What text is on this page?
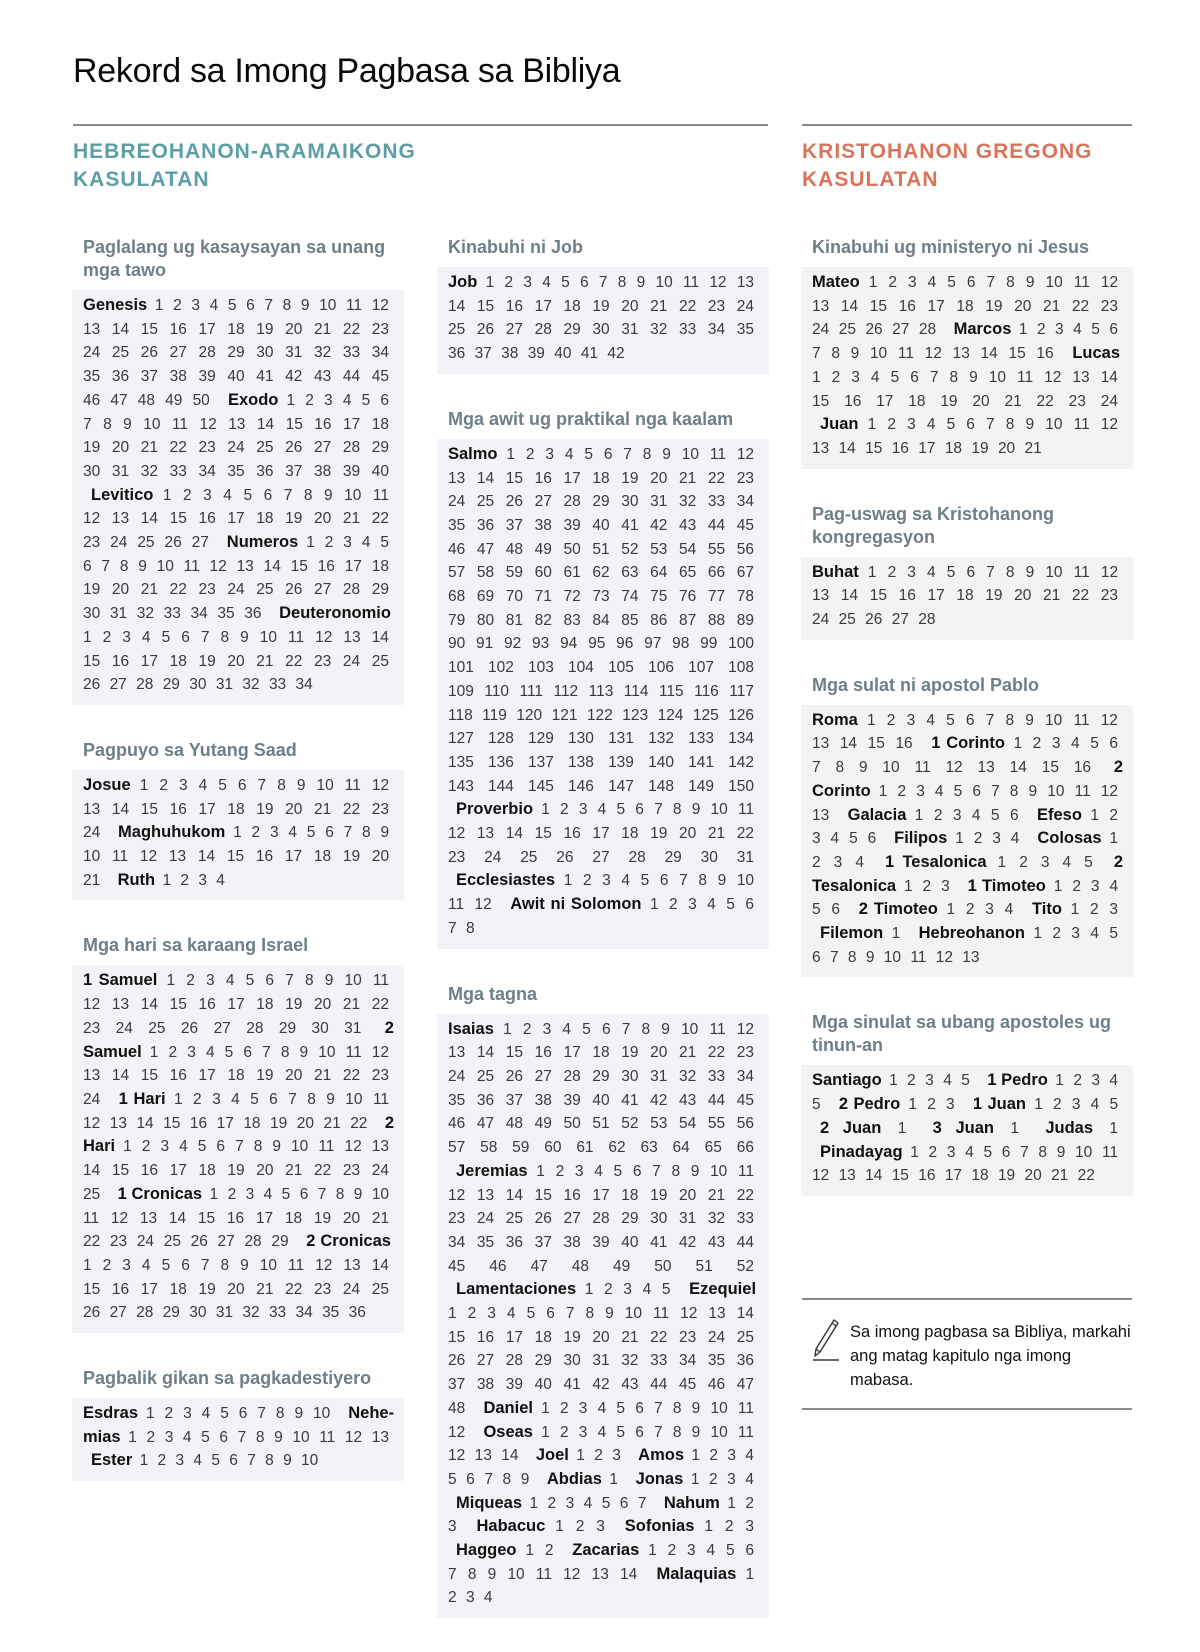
Rekord sa Imong Pagbasa sa Bibliya
HEBREOHANON-ARAMAIKONG
KASULATAN
KRISTOHANON GREGONG
KASULATAN
Paglalang ug kasaysayan sa unang mga tawo
Genesis 1 2 3 4 5 6 7 8 9 10 11 12 13 14 15 16 17 18 19 20 21 22 23 24 25 26 27 28 29 30 31 32 33 34 35 36 37 38 39 40 41 42 43 44 45 46 47 48 49 50 Exodo 1 2 3 4 5 6 7 8 9 10 11 12 13 14 15 16 17 18 19 20 21 22 23 24 25 26 27 28 29 30 31 32 33 34 35 36 37 38 39 40 Levitico 1 2 3 4 5 6 7 8 9 10 11 12 13 14 15 16 17 18 19 20 21 22 23 24 25 26 27 Numeros 1 2 3 4 5 6 7 8 9 10 11 12 13 14 15 16 17 18 19 20 21 22 23 24 25 26 27 28 29 30 31 32 33 34 35 36 Deuteronomio 1 2 3 4 5 6 7 8 9 10 11 12 13 14 15 16 17 18 19 20 21 22 23 24 25 26 27 28 29 30 31 32 33 34
Pagpuyo sa Yutang Saad
Josue 1 2 3 4 5 6 7 8 9 10 11 12 13 14 15 16 17 18 19 20 21 22 23 24 Maghuhukom 1 2 3 4 5 6 7 8 9 10 11 12 13 14 15 16 17 18 19 20 21 Ruth 1 2 3 4
Mga hari sa karaang Israel
1 Samuel 1 2 3 4 5 6 7 8 9 10 11 12 13 14 15 16 17 18 19 20 21 22 23 24 25 26 27 28 29 30 31 2 Samuel 1 2 3 4 5 6 7 8 9 10 11 12 13 14 15 16 17 18 19 20 21 22 23 24 1 Hari 1 2 3 4 5 6 7 8 9 10 11 12 13 14 15 16 17 18 19 20 21 22 2 Hari 1 2 3 4 5 6 7 8 9 10 11 12 13 14 15 16 17 18 19 20 21 22 23 24 25 1 Cronicas 1 2 3 4 5 6 7 8 9 10 11 12 13 14 15 16 17 18 19 20 21 22 23 24 25 26 27 28 29 2 Cronicas 1 2 3 4 5 6 7 8 9 10 11 12 13 14 15 16 17 18 19 20 21 22 23 24 25 26 27 28 29 30 31 32 33 34 35 36
Pagbalik gikan sa pagkadestiyero
Esdras 1 2 3 4 5 6 7 8 9 10 Nehemias 1 2 3 4 5 6 7 8 9 10 11 12 13 Ester 1 2 3 4 5 6 7 8 9 10
Kinabuhi ni Job
Job 1 2 3 4 5 6 7 8 9 10 11 12 13 14 15 16 17 18 19 20 21 22 23 24 25 26 27 28 29 30 31 32 33 34 35 36 37 38 39 40 41 42
Mga awit ug praktikal nga kaalam
Salmo 1 2 3 4 5 6 7 8 9 10 11 12 13 14 15 16 17 18 19 20 21 22 23 24 25 26 27 28 29 30 31 32 33 34 35 36 37 38 39 40 41 42 43 44 45 46 47 48 49 50 51 52 53 54 55 56 57 58 59 60 61 62 63 64 65 66 67 68 69 70 71 72 73 74 75 76 77 78 79 80 81 82 83 84 85 86 87 88 89 90 91 92 93 94 95 96 97 98 99 100 101 102 103 104 105 106 107 108 109 110 111 112 113 114 115 116 117 118 119 120 121 122 123 124 125 126 127 128 129 130 131 132 133 134 135 136 137 138 139 140 141 142 143 144 145 146 147 148 149 150 Proverbio 1 2 3 4 5 6 7 8 9 10 11 12 13 14 15 16 17 18 19 20 21 22 23 24 25 26 27 28 29 30 31 Ecclesiastes 1 2 3 4 5 6 7 8 9 10 11 12 Awit ni Solomon 1 2 3 4 5 6 7 8
Mga tagna
Isaias 1 2 3 4 5 6 7 8 9 10 11 12 13 14 15 16 17 18 19 20 21 22 23 24 25 26 27 28 29 30 31 32 33 34 35 36 37 38 39 40 41 42 43 44 45 46 47 48 49 50 51 52 53 54 55 56 57 58 59 60 61 62 63 64 65 66 Jeremias 1 2 3 4 5 6 7 8 9 10 11 12 13 14 15 16 17 18 19 20 21 22 23 24 25 26 27 28 29 30 31 32 33 34 35 36 37 38 39 40 41 42 43 44 45 46 47 48 49 50 51 52 Lamentaciones 1 2 3 4 5 Ezequiel 1 2 3 4 5 6 7 8 9 10 11 12 13 14 15 16 17 18 19 20 21 22 23 24 25 26 27 28 29 30 31 32 33 34 35 36 37 38 39 40 41 42 43 44 45 46 47 48 Daniel 1 2 3 4 5 6 7 8 9 10 11 12 Oseas 1 2 3 4 5 6 7 8 9 10 11 12 13 14 Joel 1 2 3 Amos 1 2 3 4 5 6 7 8 9 Abdias 1 Jonas 1 2 3 4 Miqueas 1 2 3 4 5 6 7 Nahum 1 2 3 Habacuc 1 2 3 Sofonias 1 2 3 Haggeo 1 2 Zacarias 1 2 3 4 5 6 7 8 9 10 11 12 13 14 Malaquias 1 2 3 4
Kinabuhi ug ministeryo ni Jesus
Mateo 1 2 3 4 5 6 7 8 9 10 11 12 13 14 15 16 17 18 19 20 21 22 23 24 25 26 27 28 Marcos 1 2 3 4 5 6 7 8 9 10 11 12 13 14 15 16 Lucas 1 2 3 4 5 6 7 8 9 10 11 12 13 14 15 16 17 18 19 20 21 22 23 24 Juan 1 2 3 4 5 6 7 8 9 10 11 12 13 14 15 16 17 18 19 20 21
Pag-uswag sa Kristohanong kongregasyon
Buhat 1 2 3 4 5 6 7 8 9 10 11 12 13 14 15 16 17 18 19 20 21 22 23 24 25 26 27 28
Mga sulat ni apostol Pablo
Roma 1 2 3 4 5 6 7 8 9 10 11 12 13 14 15 16 1 Corinto 1 2 3 4 5 6 7 8 9 10 11 12 13 14 15 16 2 Corinto 1 2 3 4 5 6 7 8 9 10 11 12 13 Galacia 1 2 3 4 5 6 Efeso 1 2 3 4 5 6 Filipos 1 2 3 4 Colosas 1 2 3 4 1 Tesalonica 1 2 3 4 5 2 Tesalonica 1 2 3 1 Timoteo 1 2 3 4 5 6 2 Timoteo 1 2 3 4 Tito 1 2 3 Filemon 1 Hebreohanon 1 2 3 4 5 6 7 8 9 10 11 12 13
Mga sinulat sa ubang apostoles ug tinun-an
Santiago 1 2 3 4 5 1 Pedro 1 2 3 4 5 2 Pedro 1 2 3 1 Juan 1 2 3 4 5 2 Juan 1 3 Juan 1 Judas 1 Pinadayag 1 2 3 4 5 6 7 8 9 10 11 12 13 14 15 16 17 18 19 20 21 22
Sa imong pagbasa sa Bibliya, markahi ang matag kapitulo nga imong mabasa.
